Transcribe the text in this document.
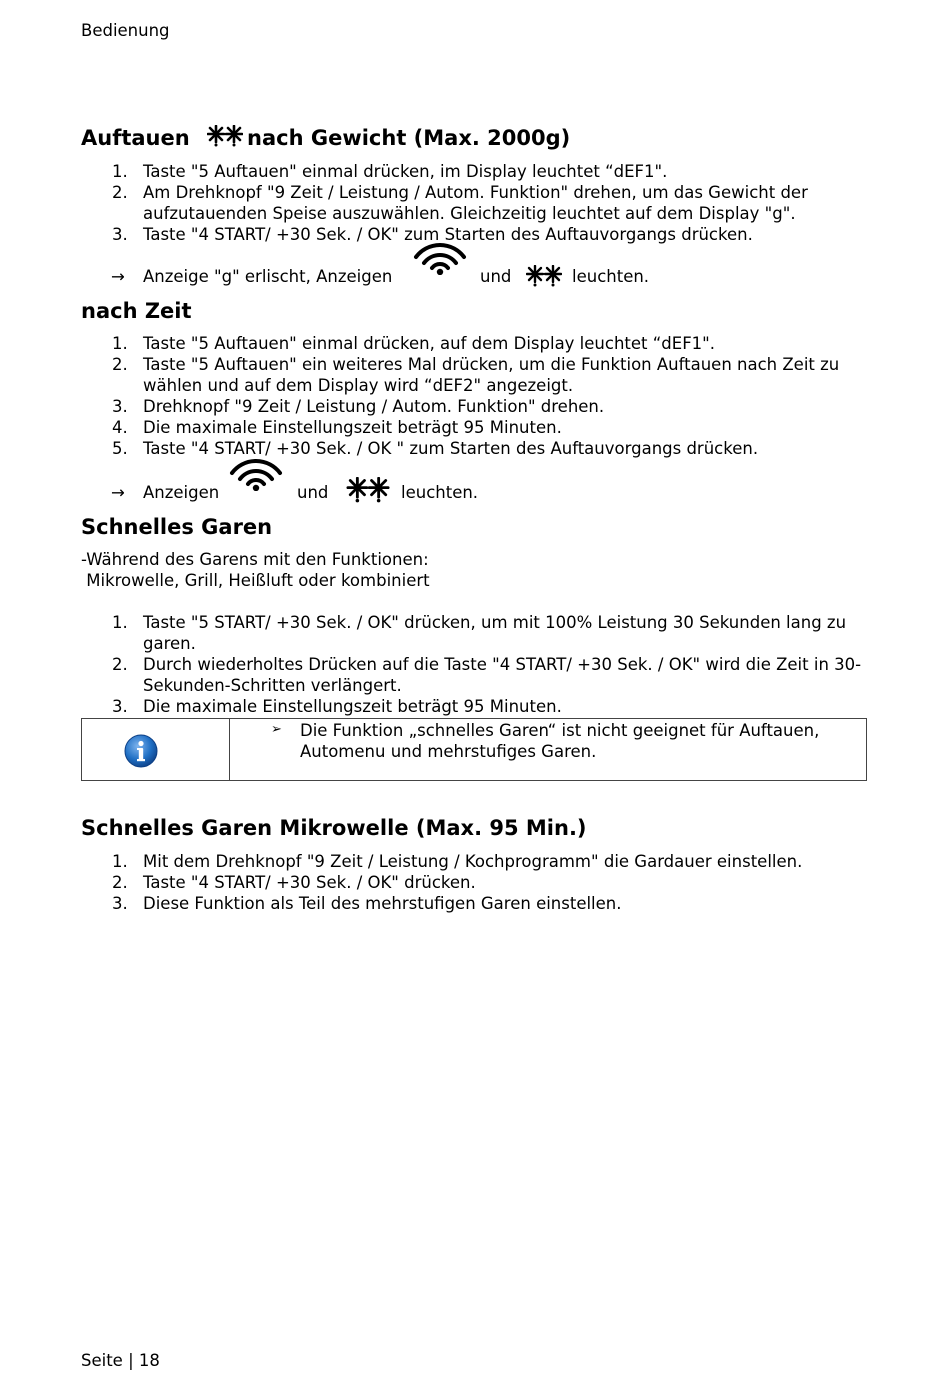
Bedienung
Auftauen	nach Gewicht (Max. 2000g)
1. Taste "5 Auftauen" einmal drücken, im Display leuchtet “dEF1".
2. Am Drehknopf "9 Zeit / Leistung / Autom. Funktion" drehen, um das Gewicht der aufzutauenden Speise auszuwählen. Gleichzeitig leuchtet auf dem Display "g".
3. Taste "4 START/ +30 Sek. / OK" zum Starten des Auftauvorgangs drücken.
→ Anzeige "g" erlischt, Anzeigen	und	leuchten.
nach Zeit
1. Taste "5 Auftauen" einmal drücken, auf dem Display leuchtet “dEF1".
2. Taste "5 Auftauen" ein weiteres Mal drücken, um die Funktion Auftauen nach Zeit zu wählen und auf dem Display wird “dEF2" angezeigt.
3. Drehknopf "9 Zeit / Leistung / Autom. Funktion" drehen.
4. Die maximale Einstellungszeit beträgt 95 Minuten.
5. Taste "4 START/ +30 Sek. / OK " zum Starten des Auftauvorgangs drücken.
→ Anzeigen	und	leuchten.
Schnelles Garen
-Während des Garens mit den Funktionen:
Mikrowelle, Grill, Heißluft oder kombiniert
1. Taste "5 START/ +30 Sek. / OK" drücken, um mit 100% Leistung 30 Sekunden lang zu garen.
2. Durch wiederholtes Drücken auf die Taste "4 START/ +30 Sek. / OK" wird die Zeit in 30-Sekunden-Schritten verlängert.
3. Die maximale Einstellungszeit beträgt 95 Minuten.
➢ Die Funktion „schnelles Garen“ ist nicht geeignet für Auftauen, Automenu und mehrstufiges Garen.
Schnelles Garen Mikrowelle (Max. 95 Min.)
1. Mit dem Drehknopf "9 Zeit / Leistung / Kochprogramm" die Gardauer einstellen.
2. Taste "4 START/ +30 Sek. / OK" drücken.
3. Diese Funktion als Teil des mehrstufigen Garen einstellen.
Seite | 18
